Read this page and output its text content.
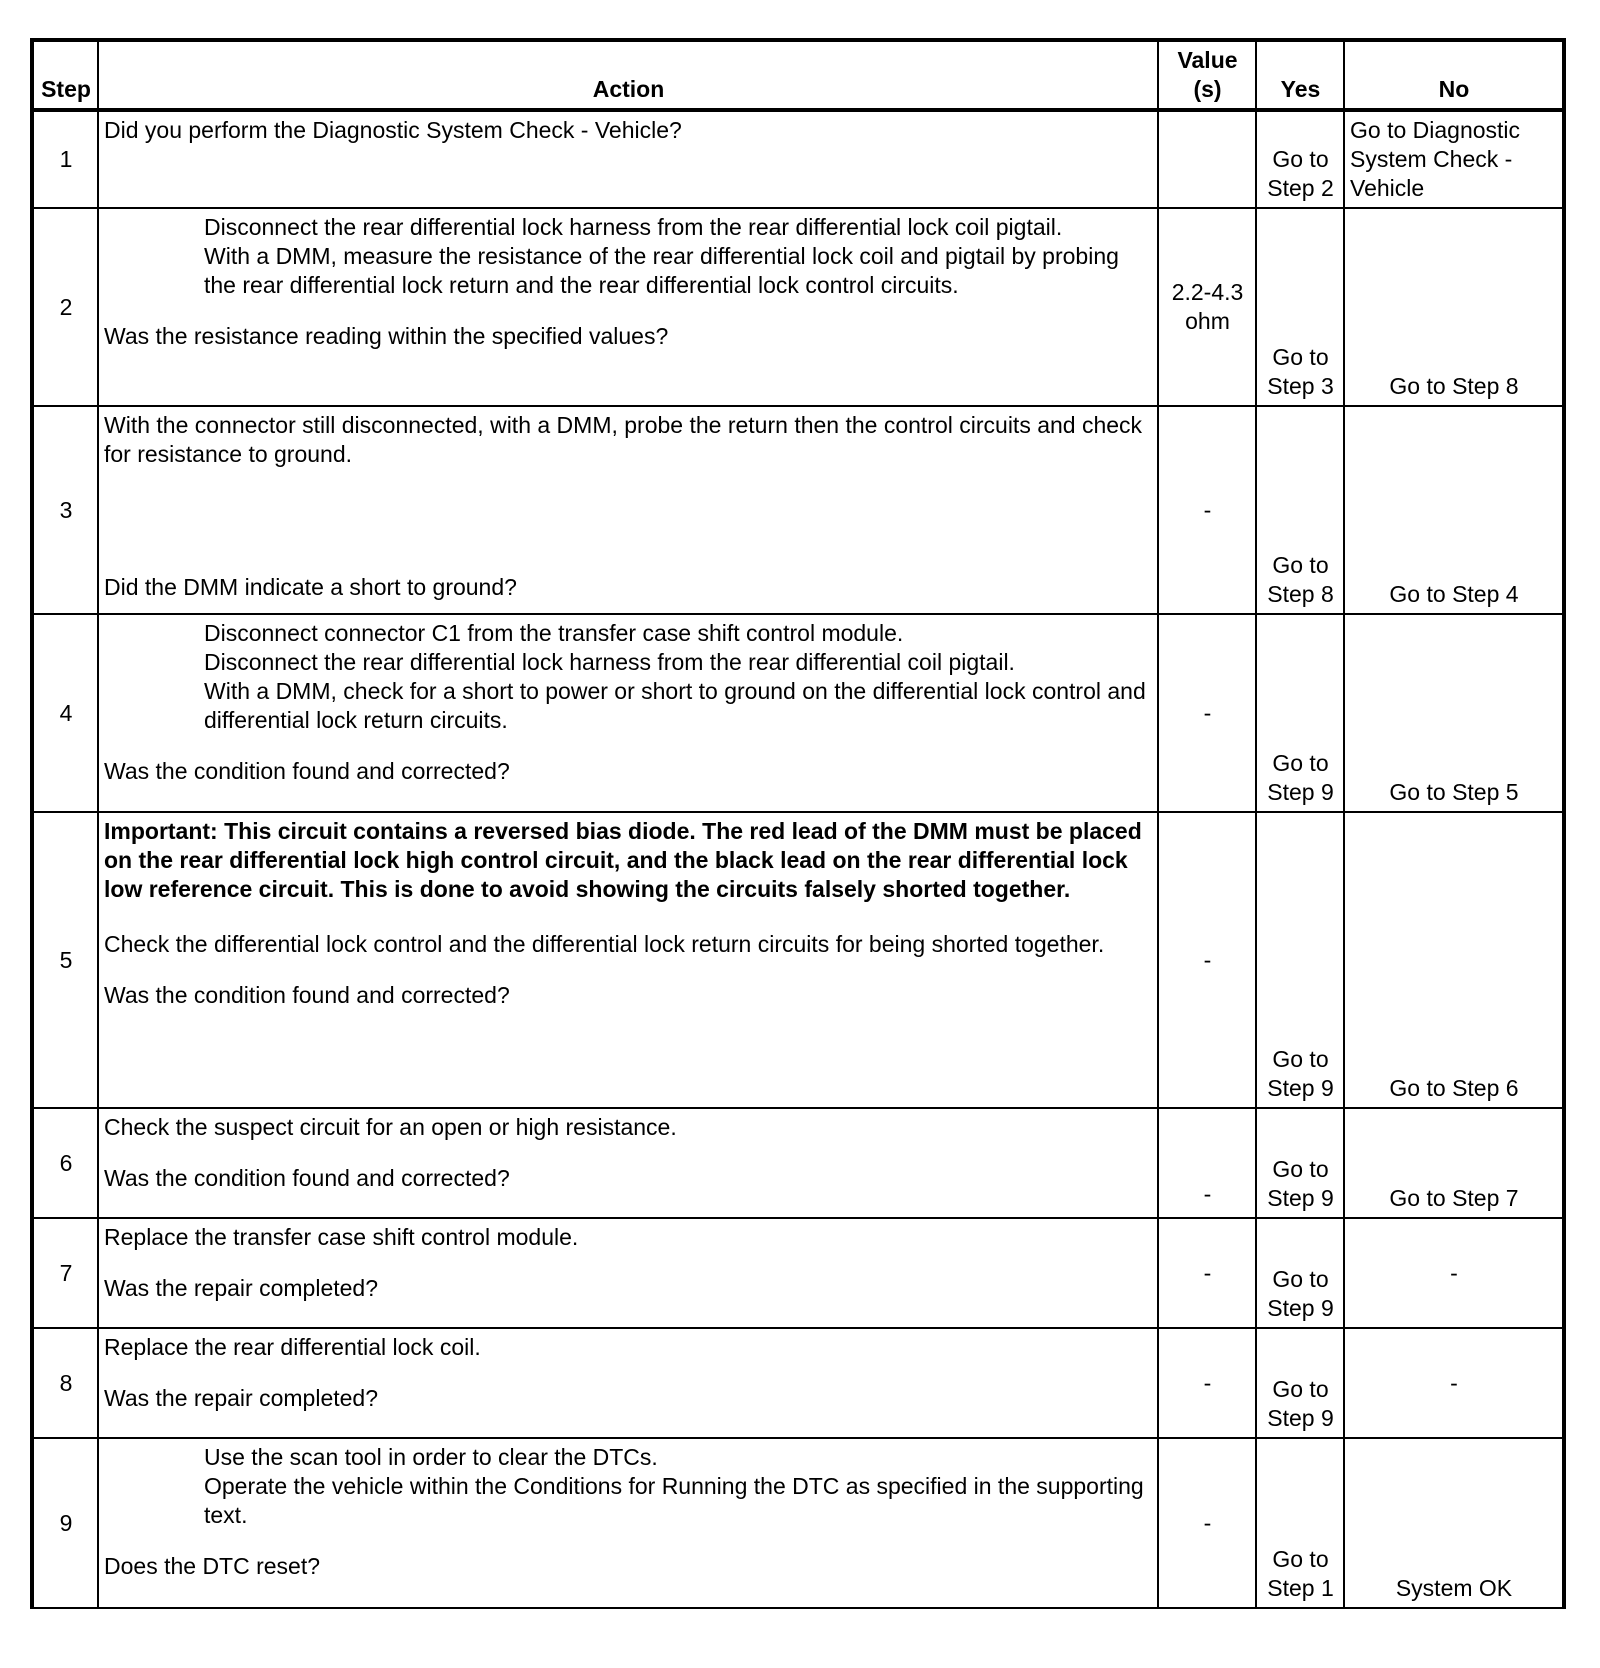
Step	Action	Value (s)	Yes	No
1	Did you perform the Diagnostic System Check - Vehicle?		Go to Step 2	Go to Diagnostic System Check - Vehicle
2	Disconnect the rear differential lock harness from the rear differential lock coil pigtail.
With a DMM, measure the resistance of the rear differential lock coil and pigtail by probing the rear differential lock return and the rear differential lock control circuits.
Was the resistance reading within the specified values?	2.2-4.3 ohm	Go to Step 3	Go to Step 8
3	With the connector still disconnected, with a DMM, probe the return then the control circuits and check for resistance to ground.
Did the DMM indicate a short to ground?	-	Go to Step 8	Go to Step 4
4	Disconnect connector C1 from the transfer case shift control module.
Disconnect the rear differential lock harness from the rear differential coil pigtail.
With a DMM, check for a short to power or short to ground on the differential lock control and differential lock return circuits.
Was the condition found and corrected?	-	Go to Step 9	Go to Step 5
5	Important: This circuit contains a reversed bias diode. The red lead of the DMM must be placed on the rear differential lock high control circuit, and the black lead on the rear differential lock low reference circuit. This is done to avoid showing the circuits falsely shorted together.
Check the differential lock control and the differential lock return circuits for being shorted together.
Was the condition found and corrected?	-	Go to Step 9	Go to Step 6
6	Check the suspect circuit for an open or high resistance.
Was the condition found and corrected?	-	Go to Step 9	Go to Step 7
7	Replace the transfer case shift control module.
Was the repair completed?	-	Go to Step 9	-
8	Replace the rear differential lock coil.
Was the repair completed?	-	Go to Step 9	-
9	Use the scan tool in order to clear the DTCs.
Operate the vehicle within the Conditions for Running the DTC as specified in the supporting text.
Does the DTC reset?	-	Go to Step 1	System OK
